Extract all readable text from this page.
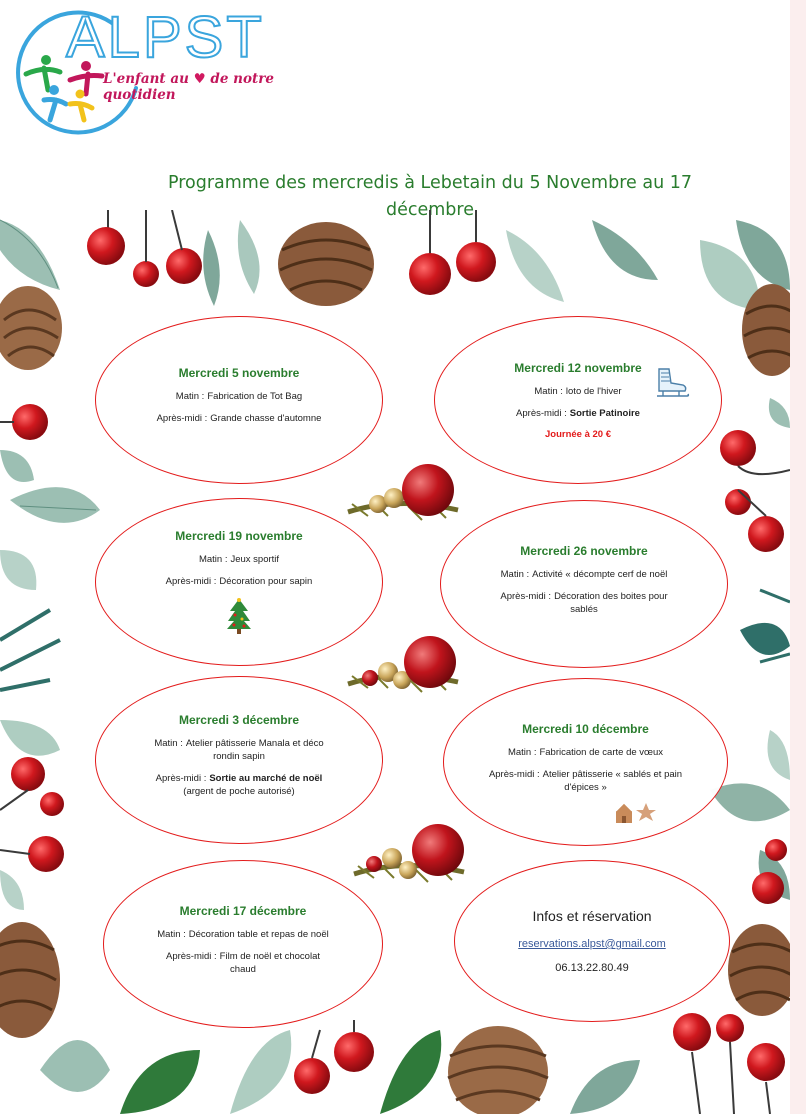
ALPST
L'enfant au ♥ de notre quotidien
Programme des mercredis à Lebetain du 5 Novembre au 17 décembre
Mercredi 5 novembre
Matin : Fabrication de Tot Bag
Après-midi : Grande chasse d'automne
Mercredi 12 novembre
Matin : loto de l'hiver
Après-midi : Sortie Patinoire
Journée à 20 €
Mercredi 19 novembre
Matin : Jeux sportif
Après-midi : Décoration pour sapin
Mercredi 26 novembre
Matin : Activité « décompte cerf de noël
Après-midi : Décoration des boites pour sablés
Mercredi 3 décembre
Matin : Atelier pâtisserie Manala et déco rondin sapin
Après-midi : Sortie au marché de noël (argent de poche autorisé)
Mercredi 10 décembre
Matin : Fabrication de carte de vœux
Après-midi : Atelier pâtisserie « sablés et pain d'épices »
Mercredi 17 décembre
Matin : Décoration table et repas de noël
Après-midi : Film de noël et chocolat chaud
Infos et réservation
reservations.alpst@gmail.com
06.13.22.80.49
